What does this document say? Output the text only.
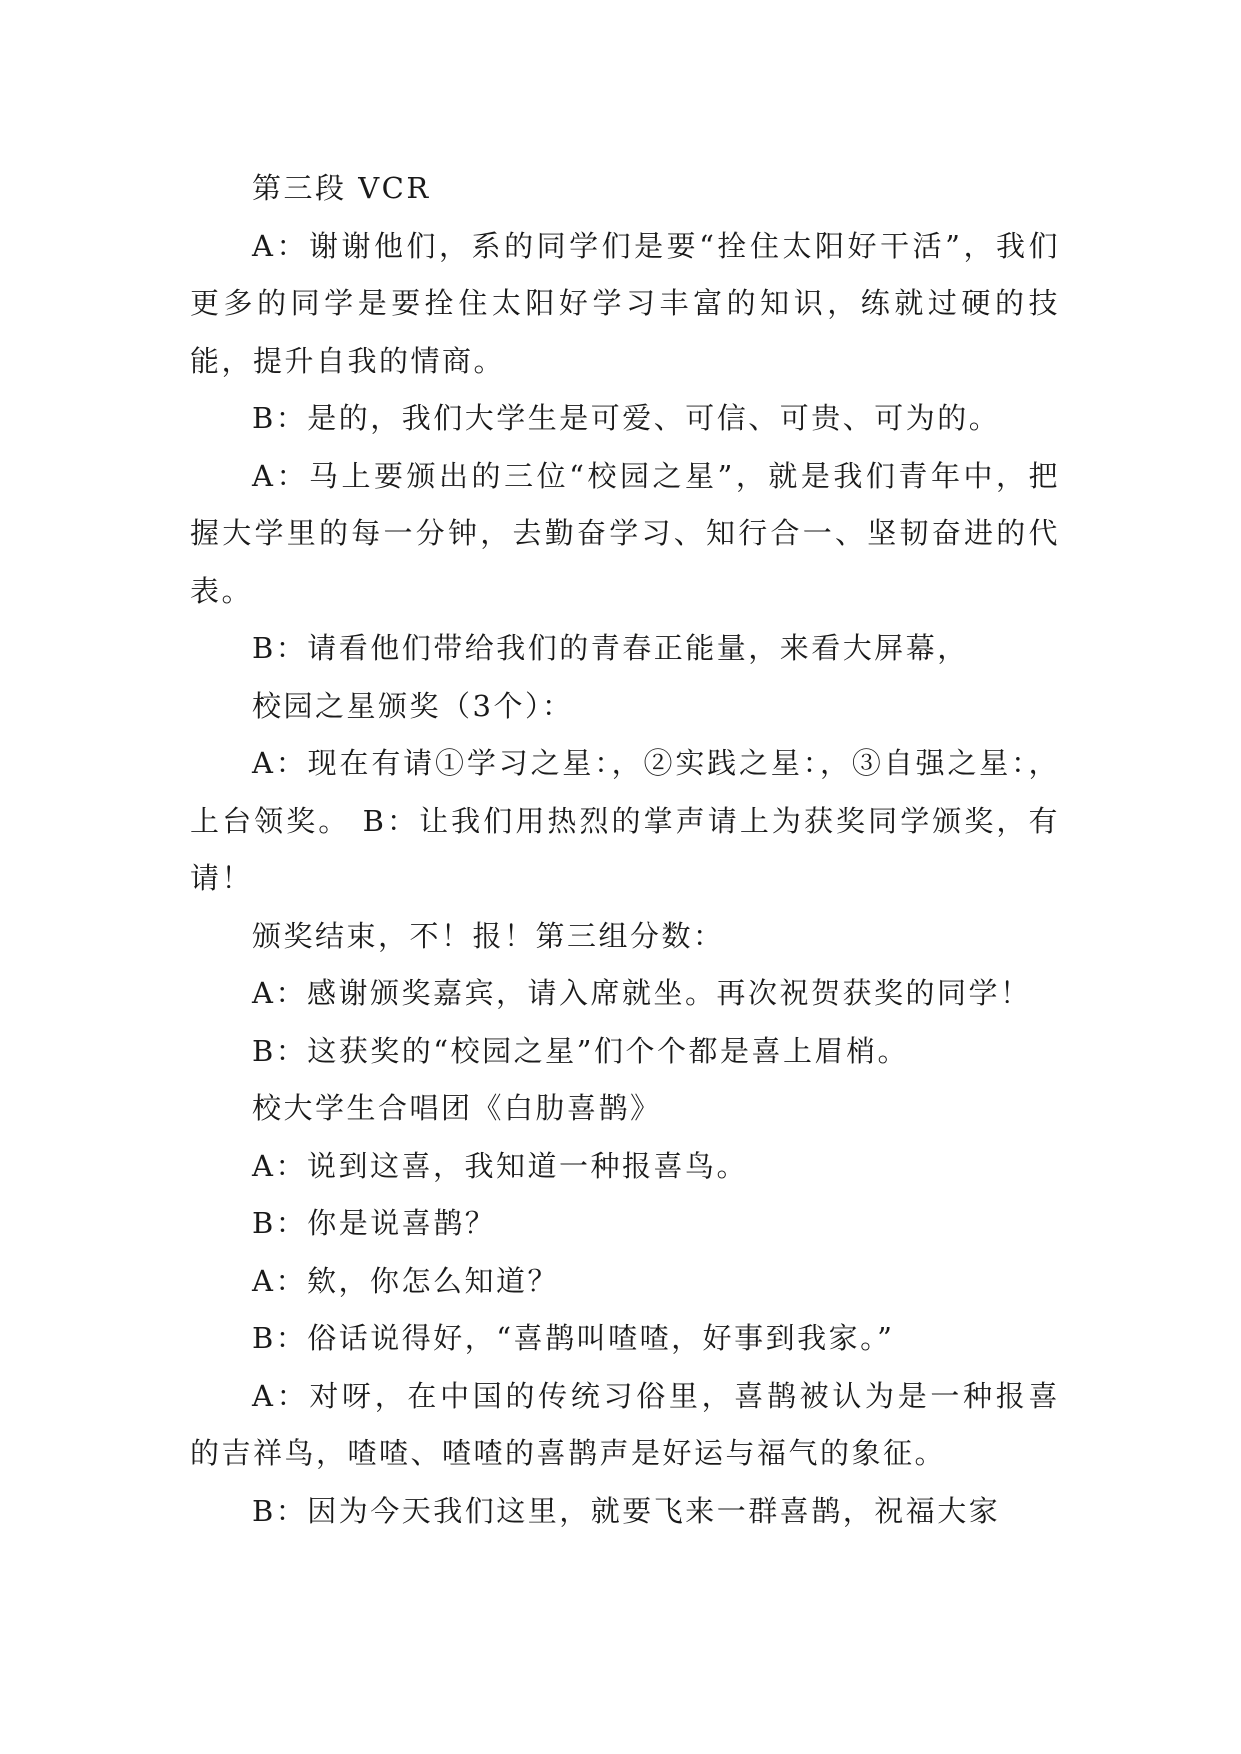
第三段 VCR

A：谢谢他们，系的同学们是要“拴住太阳好干活”，我们更多的同学是要拴住太阳好学习丰富的知识，练就过硬的技能，提升自我的情商。

B：是的，我们大学生是可爱、可信、可贵、可为的。

A：马上要颁出的三位“校园之星”，就是我们青年中，把握大学里的每一分钟，去勤奋学习、知行合一、坚韧奋进的代表。

B：请看他们带给我们的青春正能量，来看大屏幕，

校园之星颁奖（3个）：

A：现在有请①学习之星：，②实践之星：，③自强之星：，上台领奖。 B：让我们用热烈的掌声请上为获奖同学颁奖，有请！

颁奖结束，不！报！第三组分数：

A：感谢颁奖嘉宾，请入席就坐。再次祝贺获奖的同学！

B：这获奖的“校园之星”们个个都是喜上眉梢。

校大学生合唱团《白肋喜鹊》

A：说到这喜，我知道一种报喜鸟。

B：你是说喜鹊？

A：欸，你怎么知道？

B：俗话说得好，“喜鹊叫喳喳，好事到我家。”

A：对呀，在中国的传统习俗里，喜鹊被认为是一种报喜的吉祥鸟，喳喳、喳喳的喜鹊声是好运与福气的象征。

B：因为今天我们这里，就要飞来一群喜鹊，祝福大家
